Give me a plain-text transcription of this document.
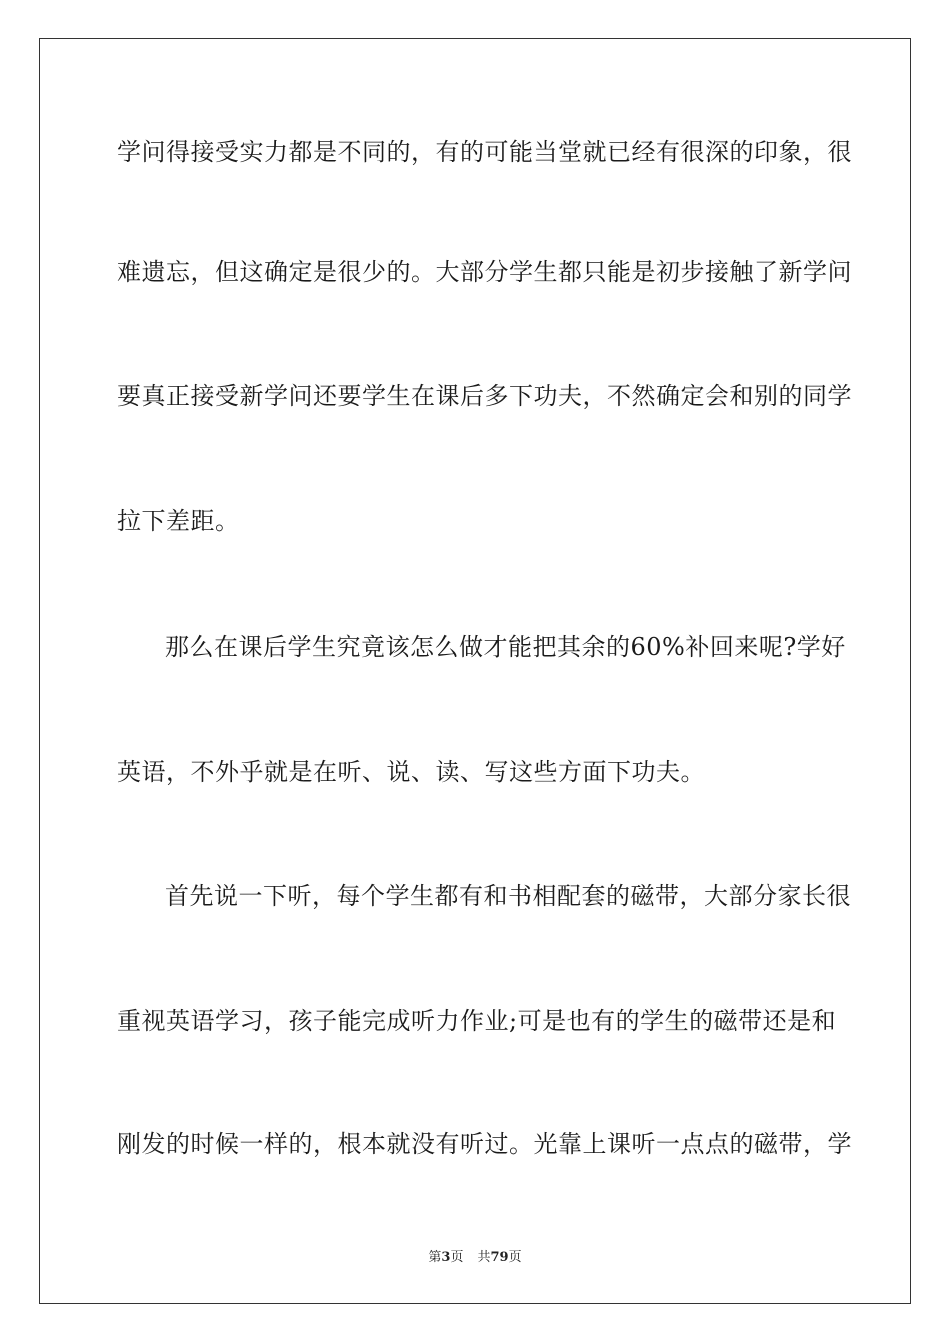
学问得接受实力都是不同的，有的可能当堂就已经有很深的印象，很
难遗忘，但这确定是很少的。大部分学生都只能是初步接触了新学问
要真正接受新学问还要学生在课后多下功夫，不然确定会和别的同学
拉下差距。
那么在课后学生究竟该怎么做才能把其余的60%补回来呢?学好
英语，不外乎就是在听、说、读、写这些方面下功夫。
首先说一下听，每个学生都有和书相配套的磁带，大部分家长很
重视英语学习，孩子能完成听力作业;可是也有的学生的磁带还是和
刚发的时候一样的，根本就没有听过。光靠上课听一点点的磁带，学
第3页 共79页
